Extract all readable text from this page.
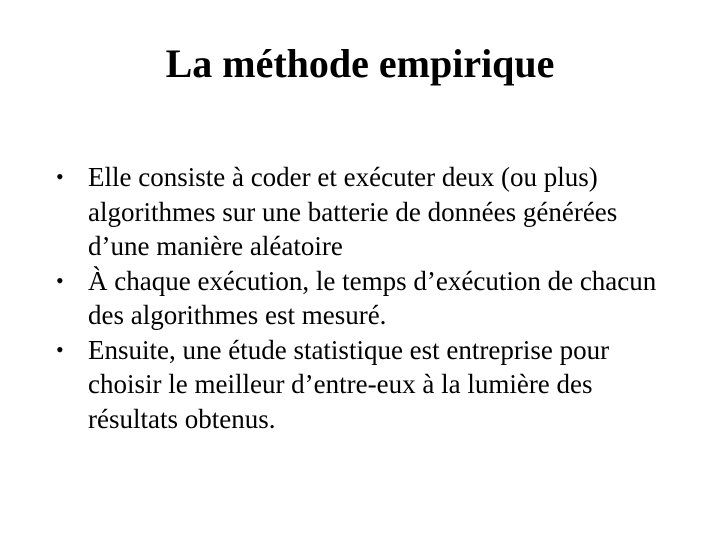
La méthode empirique
• Elle consiste à coder et exécuter deux (ou plus) algorithmes sur une batterie de données générées d’une manière aléatoire
• À chaque exécution, le temps d’exécution de chacun des algorithmes est mesuré.
• Ensuite, une étude statistique est entreprise pour choisir le meilleur d’entre-eux à la lumière des résultats obtenus.
